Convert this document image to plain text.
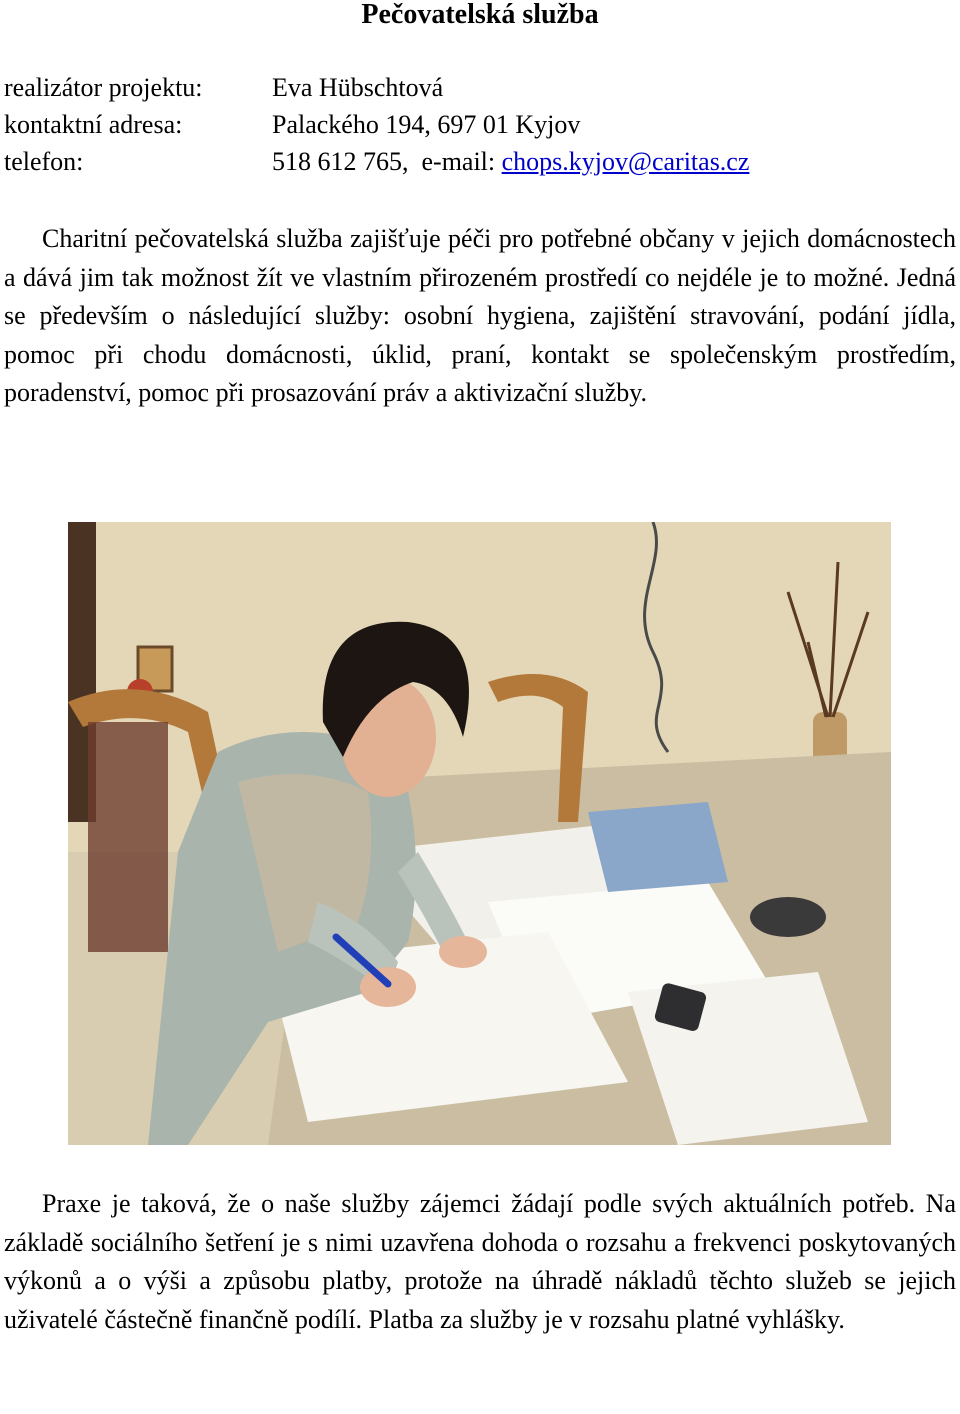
Pečovatelská služba
realizátor projektu:	Eva Hübschtová
kontaktní adresa:	Palackého 194, 697 01 Kyjov
telefon:	518 612 765,  e-mail: chops.kyjov@caritas.cz
Charitní pečovatelská služba zajišťuje péči pro potřebné občany v jejich domácnostech a dává jim tak možnost žít ve vlastním přirozeném prostředí co nejdéle je to možné. Jedná se především o následující služby: osobní hygiena, zajištění stravování, podání jídla, pomoc při chodu domácnosti, úklid, praní, kontakt se společenským prostředím, poradenství, pomoc při prosazování práv a aktivizační služby.
Praxe je taková, že o naše služby zájemci žádají podle svých aktuálních potřeb. Na základě sociálního šetření je s nimi uzavřena dohoda o rozsahu a frekvenci poskytovaných výkonů a o výši a způsobu platby, protože na úhradě nákladů těchto služeb se jejich uživatelé částečně finančně podílí. Platba za služby je v rozsahu platné vyhlášky.
